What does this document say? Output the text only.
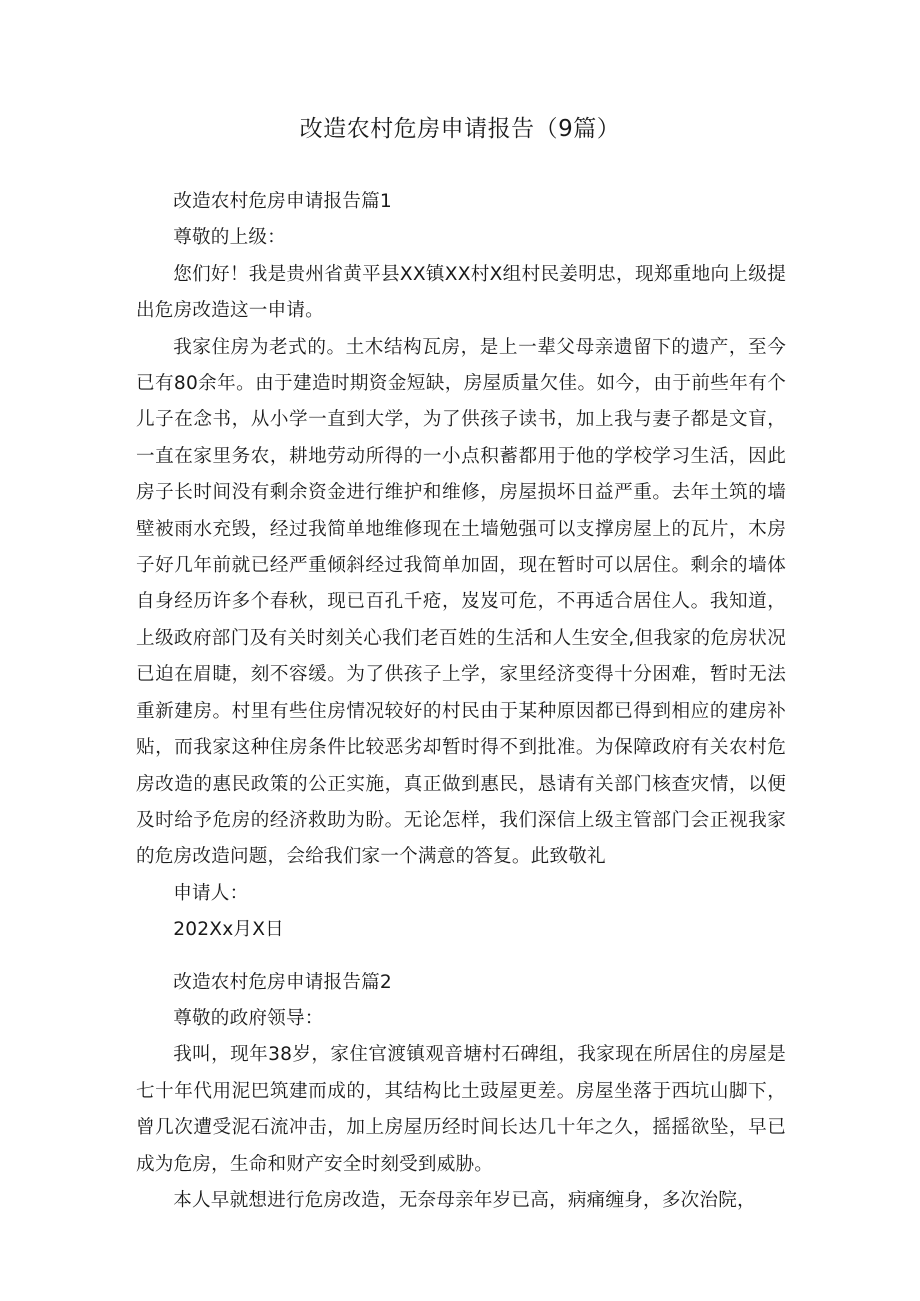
改造农村危房申请报告（9篇）

改造农村危房申请报告篇1

尊敬的上级：

您们好！我是贵州省黄平县XX镇XX村X组村民姜明忠，现郑重地向上级提出危房改造这一申请。

我家住房为老式的。土木结构瓦房，是上一辈父母亲遗留下的遗产，至今已有80余年。由于建造时期资金短缺，房屋质量欠佳。如今，由于前些年有个儿子在念书，从小学一直到大学，为了供孩子读书，加上我与妻子都是文盲，一直在家里务农，耕地劳动所得的一小点积蓄都用于他的学校学习生活，因此房子长时间没有剩余资金进行维护和维修，房屋损坏日益严重。去年土筑的墙壁被雨水充毁，经过我简单地维修现在土墙勉强可以支撑房屋上的瓦片，木房子好几年前就已经严重倾斜经过我简单加固，现在暂时可以居住。剩余的墙体自身经历许多个春秋，现已百孔千疮，岌岌可危，不再适合居住人。我知道，上级政府部门及有关时刻关心我们老百姓的生活和人生安全,但我家的危房状况已迫在眉睫，刻不容缓。为了供孩子上学，家里经济变得十分困难，暂时无法重新建房。村里有些住房情况较好的村民由于某种原因都已得到相应的建房补贴，而我家这种住房条件比较恶劣却暂时得不到批准。为保障政府有关农村危房改造的惠民政策的公正实施，真正做到惠民，恳请有关部门核查灾情，以便及时给予危房的经济救助为盼。无论怎样，我们深信上级主管部门会正视我家的危房改造问题，会给我们家一个满意的答复。此致敬礼

申请人：

202Xx月X日

改造农村危房申请报告篇2

尊敬的政府领导：

我叫，现年38岁，家住官渡镇观音塘村石碑组，我家现在所居住的房屋是七十年代用泥巴筑建而成的，其结构比土豉屋更差。房屋坐落于西坑山脚下，曾几次遭受泥石流冲击，加上房屋历经时间长达几十年之久，摇摇欲坠，早已成为危房，生命和财产安全时刻受到威胁。

本人早就想进行危房改造，无奈母亲年岁已高，病痛缠身，多次治院，
